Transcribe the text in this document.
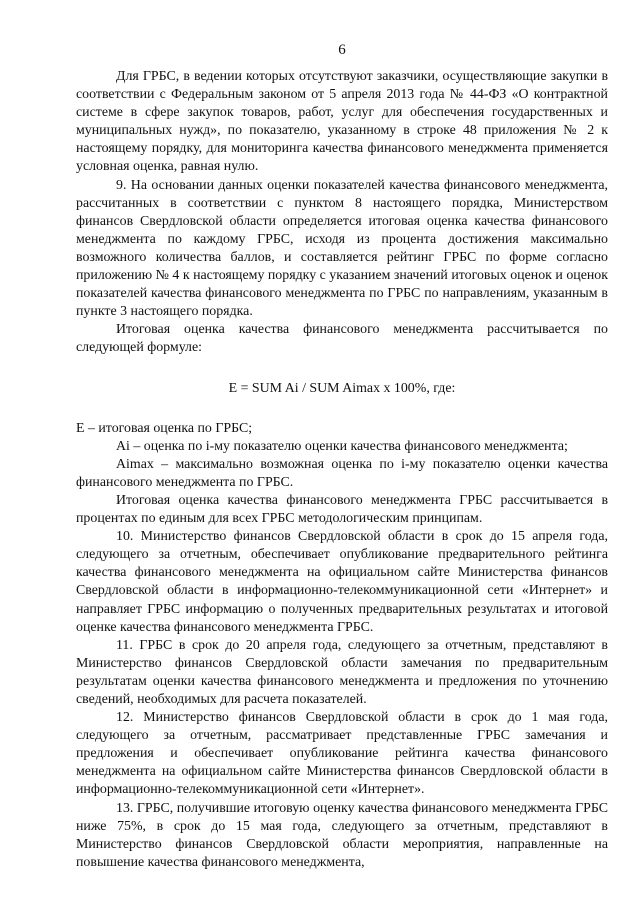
6

Для ГРБС, в ведении которых отсутствуют заказчики, осуществляющие закупки в соответствии с Федеральным законом от 5 апреля 2013 года № 44-ФЗ «О контрактной системе в сфере закупок товаров, работ, услуг для обеспечения государственных и муниципальных нужд», по показателю, указанному в строке 48 приложения № 2 к настоящему порядку, для мониторинга качества финансового менеджмента применяется условная оценка, равная нулю.

9. На основании данных оценки показателей качества финансового менеджмента, рассчитанных в соответствии с пунктом 8 настоящего порядка, Министерством финансов Свердловской области определяется итоговая оценка качества финансового менеджмента по каждому ГРБС, исходя из процента достижения максимально возможного количества баллов, и составляется рейтинг ГРБС по форме согласно приложению № 4 к настоящему порядку с указанием значений итоговых оценок и оценок показателей качества финансового менеджмента по ГРБС по направлениям, указанным в пункте 3 настоящего порядка.

Итоговая оценка качества финансового менеджмента рассчитывается по следующей формуле:

E = SUM Ai / SUM Aimax x 100%, где:

E – итоговая оценка по ГРБС;

Ai – оценка по i-му показателю оценки качества финансового менеджмента;

Aimax – максимально возможная оценка по i-му показателю оценки качества финансового менеджмента по ГРБС.

Итоговая оценка качества финансового менеджмента ГРБС рассчитывается в процентах по единым для всех ГРБС методологическим принципам.

10. Министерство финансов Свердловской области в срок до 15 апреля года, следующего за отчетным, обеспечивает опубликование предварительного рейтинга качества финансового менеджмента на официальном сайте Министерства финансов Свердловской области в информационно-телекоммуникационной сети «Интернет» и направляет ГРБС информацию о полученных предварительных результатах и итоговой оценке качества финансового менеджмента ГРБС.

11. ГРБС в срок до 20 апреля года, следующего за отчетным, представляют в Министерство финансов Свердловской области замечания по предварительным результатам оценки качества финансового менеджмента и предложения по уточнению сведений, необходимых для расчета показателей.

12. Министерство финансов Свердловской области в срок до 1 мая года, следующего за отчетным, рассматривает представленные ГРБС замечания и предложения и обеспечивает опубликование рейтинга качества финансового менеджмента на официальном сайте Министерства финансов Свердловской области в информационно-телекоммуникационной сети «Интернет».

13. ГРБС, получившие итоговую оценку качества финансового менеджмента ГРБС ниже 75%, в срок до 15 мая года, следующего за отчетным, представляют в Министерство финансов Свердловской области мероприятия, направленные на повышение качества финансового менеджмента,
